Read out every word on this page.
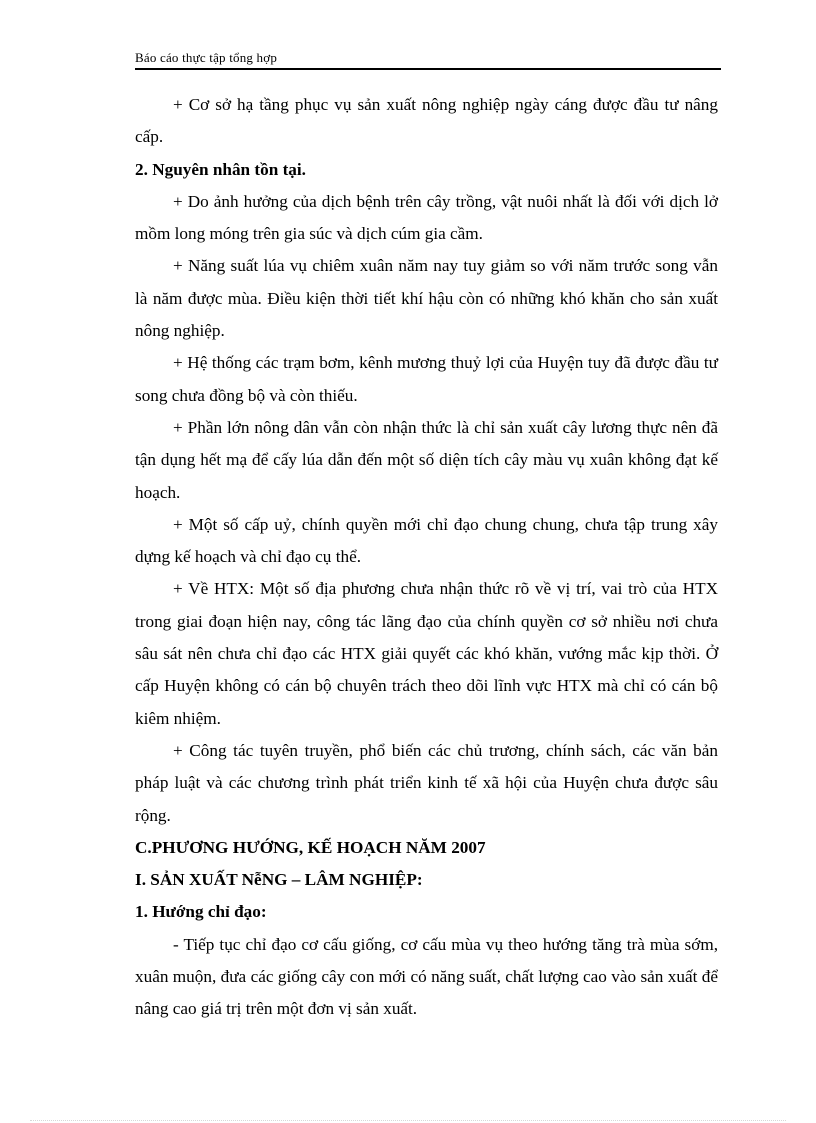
Báo cáo thực tập tổng hợp

+ Cơ sở hạ tầng phục vụ sản xuất nông nghiệp ngày cáng được đầu tư nâng cấp.

2. Nguyên nhân tồn tại.

+ Do ảnh hưởng của dịch bệnh trên cây trồng, vật nuôi nhất là đối với dịch lở mồm long móng trên gia súc và dịch cúm gia cầm.

+ Năng suất lúa vụ chiêm xuân năm nay tuy giảm so với năm trước song vẫn là năm được mùa. Điều kiện thời tiết khí hậu còn có những khó khăn cho sản xuất nông nghiệp.

+ Hệ thống các trạm bơm, kênh mương thuỷ lợi của Huyện tuy đã được đầu tư song chưa đồng bộ và còn thiếu.

+ Phần lớn nông dân vẫn còn nhận thức là chỉ sản xuất cây lương thực nên đã tận dụng hết mạ để cấy lúa dẫn đến một số diện tích cây màu vụ xuân không đạt kế hoạch.

+ Một số cấp uỷ, chính quyền mới chỉ đạo chung chung, chưa tập trung xây dựng kế hoạch và chỉ đạo cụ thể.

+ Về HTX: Một số địa phương chưa nhận thức rõ về vị trí, vai trò của HTX trong giai đoạn hiện nay, công tác lãng đạo của chính quyền cơ sở nhiều nơi chưa sâu sát nên chưa chỉ đạo các HTX giải quyết các khó khăn, vướng mắc kịp thời. Ở cấp Huyện không có cán bộ chuyên trách theo dõi lĩnh vực HTX mà chỉ có cán bộ kiêm nhiệm.

+ Công tác tuyên truyền, phổ biến các chủ trương, chính sách, các văn bản pháp luật và các chương trình phát triển kinh tế xã hội của Huyện chưa được sâu rộng.

C.PHƯƠNG HƯỚNG, KẾ HOẠCH NĂM 2007

I. SẢN XUẤT NễNG – LÂM NGHIỆP:

1. Hướng chỉ đạo:

- Tiếp tục chỉ đạo cơ cấu giống, cơ cấu mùa vụ theo hướng tăng trà mùa sớm, xuân muộn, đưa các giống cây con mới có năng suất, chất lượng cao vào sản xuất để nâng cao giá trị trên một đơn vị sản xuất.
